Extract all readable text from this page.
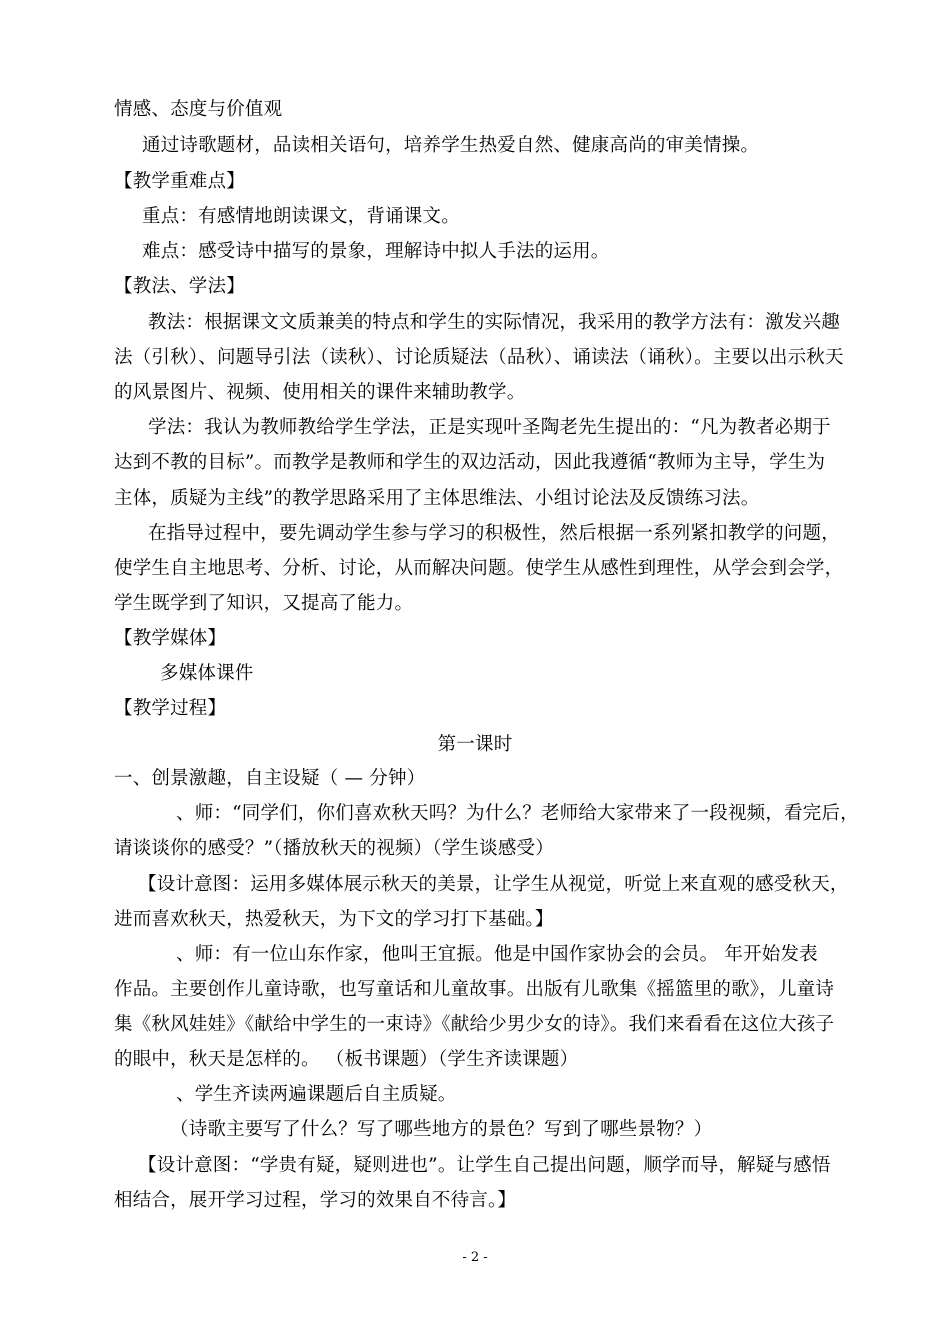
情感、态度与价值观
通过诗歌题材，品读相关语句，培养学生热爱自然、健康高尚的审美情操。
【教学重难点】
重点：有感情地朗读课文，背诵课文。
难点：感受诗中描写的景象，理解诗中拟人手法的运用。
【教法、学法】
教法：根据课文文质兼美的特点和学生的实际情况，我采用的教学方法有：激发兴趣
法（引秋）、问题导引法（读秋）、讨论质疑法（品秋）、诵读法（诵秋）。主要以出示秋天
的风景图片、视频、使用相关的课件来辅助教学。
学法：我认为教师教给学生学法，正是实现叶圣陶老先生提出的：“凡为教者必期于
达到不教的目标”。而教学是教师和学生的双边活动，因此我遵循“教师为主导，学生为
主体，质疑为主线”的教学思路采用了主体思维法、小组讨论法及反馈练习法。
在指导过程中，要先调动学生参与学习的积极性，然后根据一系列紧扣教学的问题，
使学生自主地思考、分析、讨论，从而解决问题。使学生从感性到理性，从学会到会学，
学生既学到了知识，又提高了能力。
【教学媒体】
多媒体课件
【教学过程】
第一课时
一、创景激趣，自主设疑（ — 分钟）
、师：“同学们，你们喜欢秋天吗？为什么？老师给大家带来了一段视频，看完后，
请谈谈你的感受？”（播放秋天的视频）（学生谈感受）
【设计意图：运用多媒体展示秋天的美景，让学生从视觉，听觉上来直观的感受秋天，
进而喜欢秋天，热爱秋天，为下文的学习打下基础。】
、师：有一位山东作家，他叫王宜振。他是中国作家协会的会员。 年开始发表
作品。主要创作儿童诗歌，也写童话和儿童故事。出版有儿歌集《摇篮里的歌》，儿童诗
集《秋风娃娃》《献给中学生的一束诗》《献给少男少女的诗》。我们来看看在这位大孩子
的眼中，秋天是怎样的。 （板书课题）（学生齐读课题）
、学生齐读两遍课题后自主质疑。
（诗歌主要写了什么？写了哪些地方的景色？写到了哪些景物？）
【设计意图：“学贵有疑，疑则进也”。让学生自己提出问题，顺学而导，解疑与感悟
相结合，展开学习过程，学习的效果自不待言。】
- 2 -
